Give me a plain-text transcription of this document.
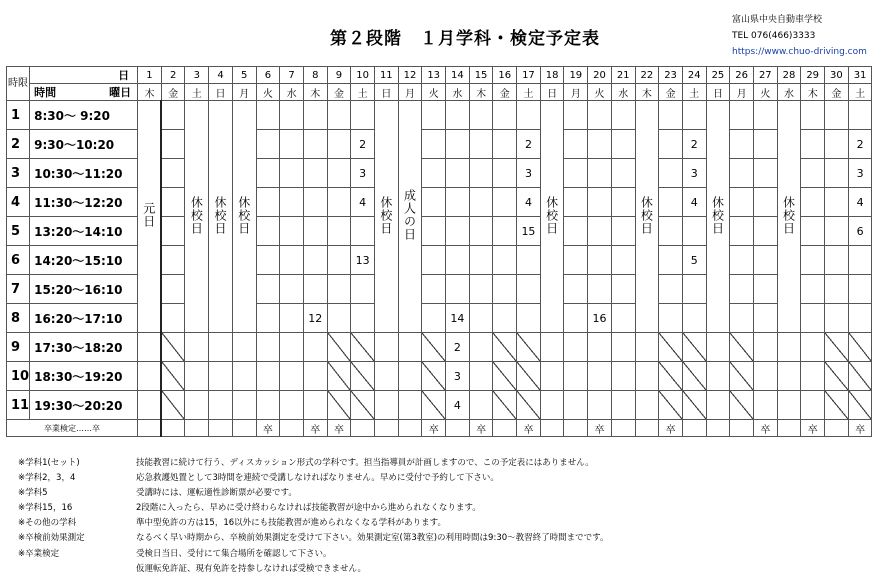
第２段階　１月学科・検定予定表
富山県中央自動車学校
TEL 076(466)3333
https://www.chuo-driving.com
時限	日	1	2	3	4	5	6	7	8	9	10	11	12	13	14	15	16	17	18	19	20	21	22	23	24	25	26	27	28	29	30	31

	時間 曜日	木	金	土	日	月	火	水	木	金	土	日	月	火	水	木	金	土	日	月	火	水	木	金	土	日	月	火	水	木	金	土
1	8:30～ 9:20	元日		休校日	休校日	休校日						休校日	成人の日						休校日				休校日			休校日			休校日			
2	9:30～10:20										2							2							2							2
3	10:30～11:20										3							3							3							3
4	11:30～12:20										4							4							4							4
5	13:20～14:10																	15														6
6	14:20～15:10										13														5							
7	15:20～16:10																															
8	16:20～17:10								12						14						16											
9	17:30～18:20														2																	
10	18:30～19:20														3																	
11	19:30～20:20														4																	
卒業検定……卒							卒		卒	卒				卒		卒		卒			卒			卒				卒		卒		卒
※学科1(セット)	技能教習に続けて行う、ディスカッション形式の学科です。担当指導員が計画しますので、この予定表にはありません。
※学科2，3，4	応急救護処置として3時間を連続で受講しなければなりません。早めに受付で予約して下さい。
※学科5	受講時には、運転適性診断票が必要です。
※学科15，16	2段階に入ったら、早めに受け終わらなければ技能教習が途中から進められなくなります。
※その他の学科	準中型免許の方は15，16以外にも技能教習が進められなくなる学科があります。
※卒検前効果測定	なるべく早い時期から、卒検前効果測定を受けて下さい。効果測定室(第3教室)の利用時間は9:30～教習終了時間までです。
※卒業検定	受検日当日、受付にて集合場所を確認して下さい。
仮運転免許証、現有免許を持参しなければ受検できません。
